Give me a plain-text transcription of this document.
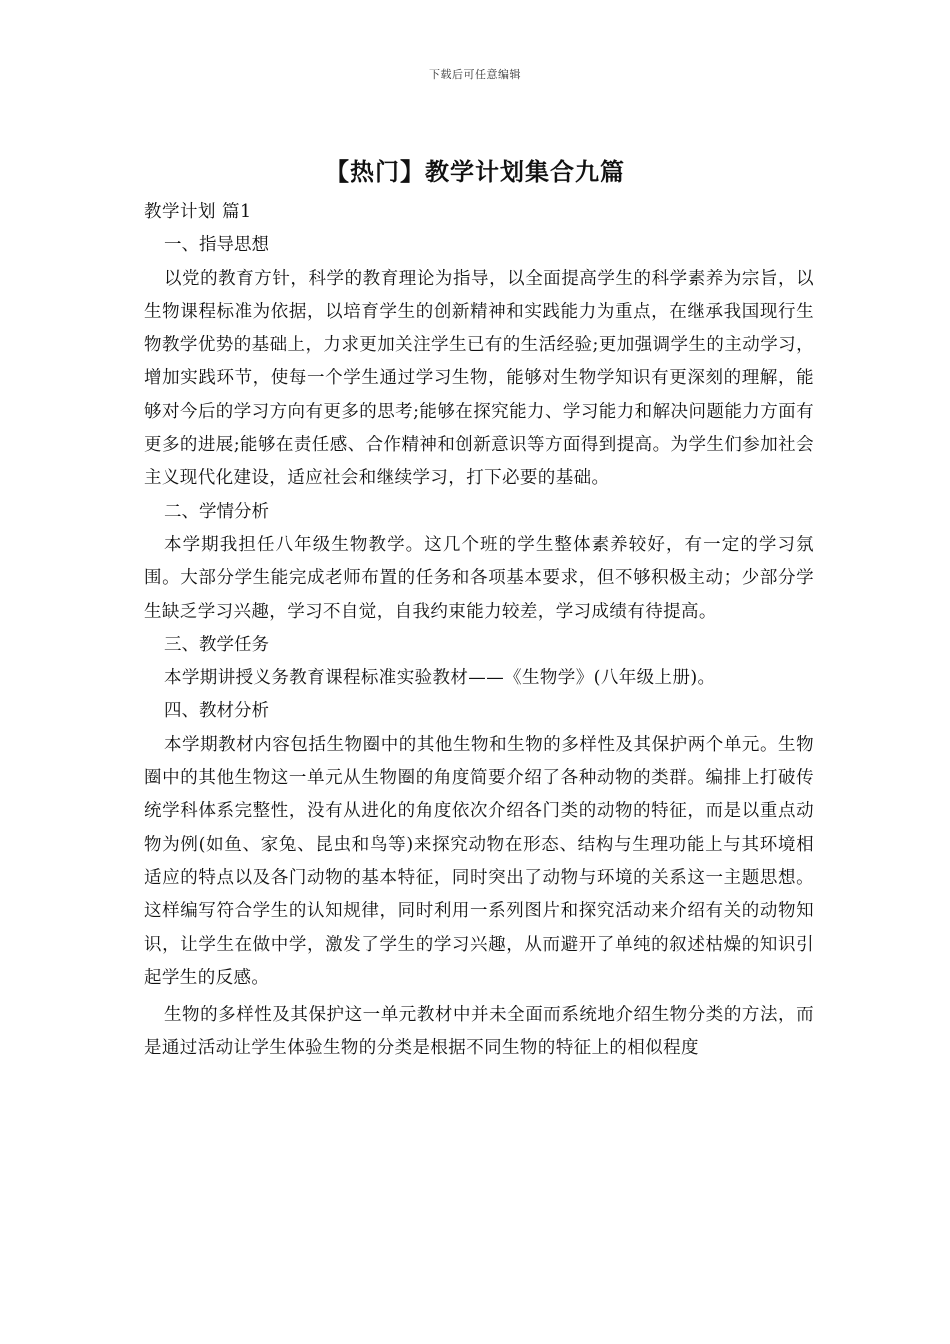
下载后可任意编辑
【热门】教学计划集合九篇

教学计划 篇1

一、指导思想

以党的教育方针，科学的教育理论为指导，以全面提高学生的科学素养为宗旨，以生物课程标准为依据，以培育学生的创新精神和实践能力为重点，在继承我国现行生物教学优势的基础上，力求更加关注学生已有的生活经验;更加强调学生的主动学习，增加实践环节，使每一个学生通过学习生物，能够对生物学知识有更深刻的理解，能够对今后的学习方向有更多的思考;能够在探究能力、学习能力和解决问题能力方面有更多的进展;能够在责任感、合作精神和创新意识等方面得到提高。为学生们参加社会主义现代化建设，适应社会和继续学习，打下必要的基础。

二、学情分析

本学期我担任八年级生物教学。这几个班的学生整体素养较好，有一定的学习氛围。大部分学生能完成老师布置的任务和各项基本要求，但不够积极主动；少部分学生缺乏学习兴趣，学习不自觉，自我约束能力较差，学习成绩有待提高。

三、教学任务

本学期讲授义务教育课程标准实验教材——《生物学》(八年级上册)。

四、教材分析

本学期教材内容包括生物圈中的其他生物和生物的多样性及其保护两个单元。生物圈中的其他生物这一单元从生物圈的角度简要介绍了各种动物的类群。编排上打破传统学科体系完整性，没有从进化的角度依次介绍各门类的动物的特征，而是以重点动物为例(如鱼、家兔、昆虫和鸟等)来探究动物在形态、结构与生理功能上与其环境相适应的特点以及各门动物的基本特征，同时突出了动物与环境的关系这一主题思想。这样编写符合学生的认知规律，同时利用一系列图片和探究活动来介绍有关的动物知识，让学生在做中学，激发了学生的学习兴趣，从而避开了单纯的叙述枯燥的知识引起学生的反感。

生物的多样性及其保护这一单元教材中并未全面而系统地介绍生物分类的方法，而是通过活动让学生体验生物的分类是根据不同生物的特征上的相似程度
